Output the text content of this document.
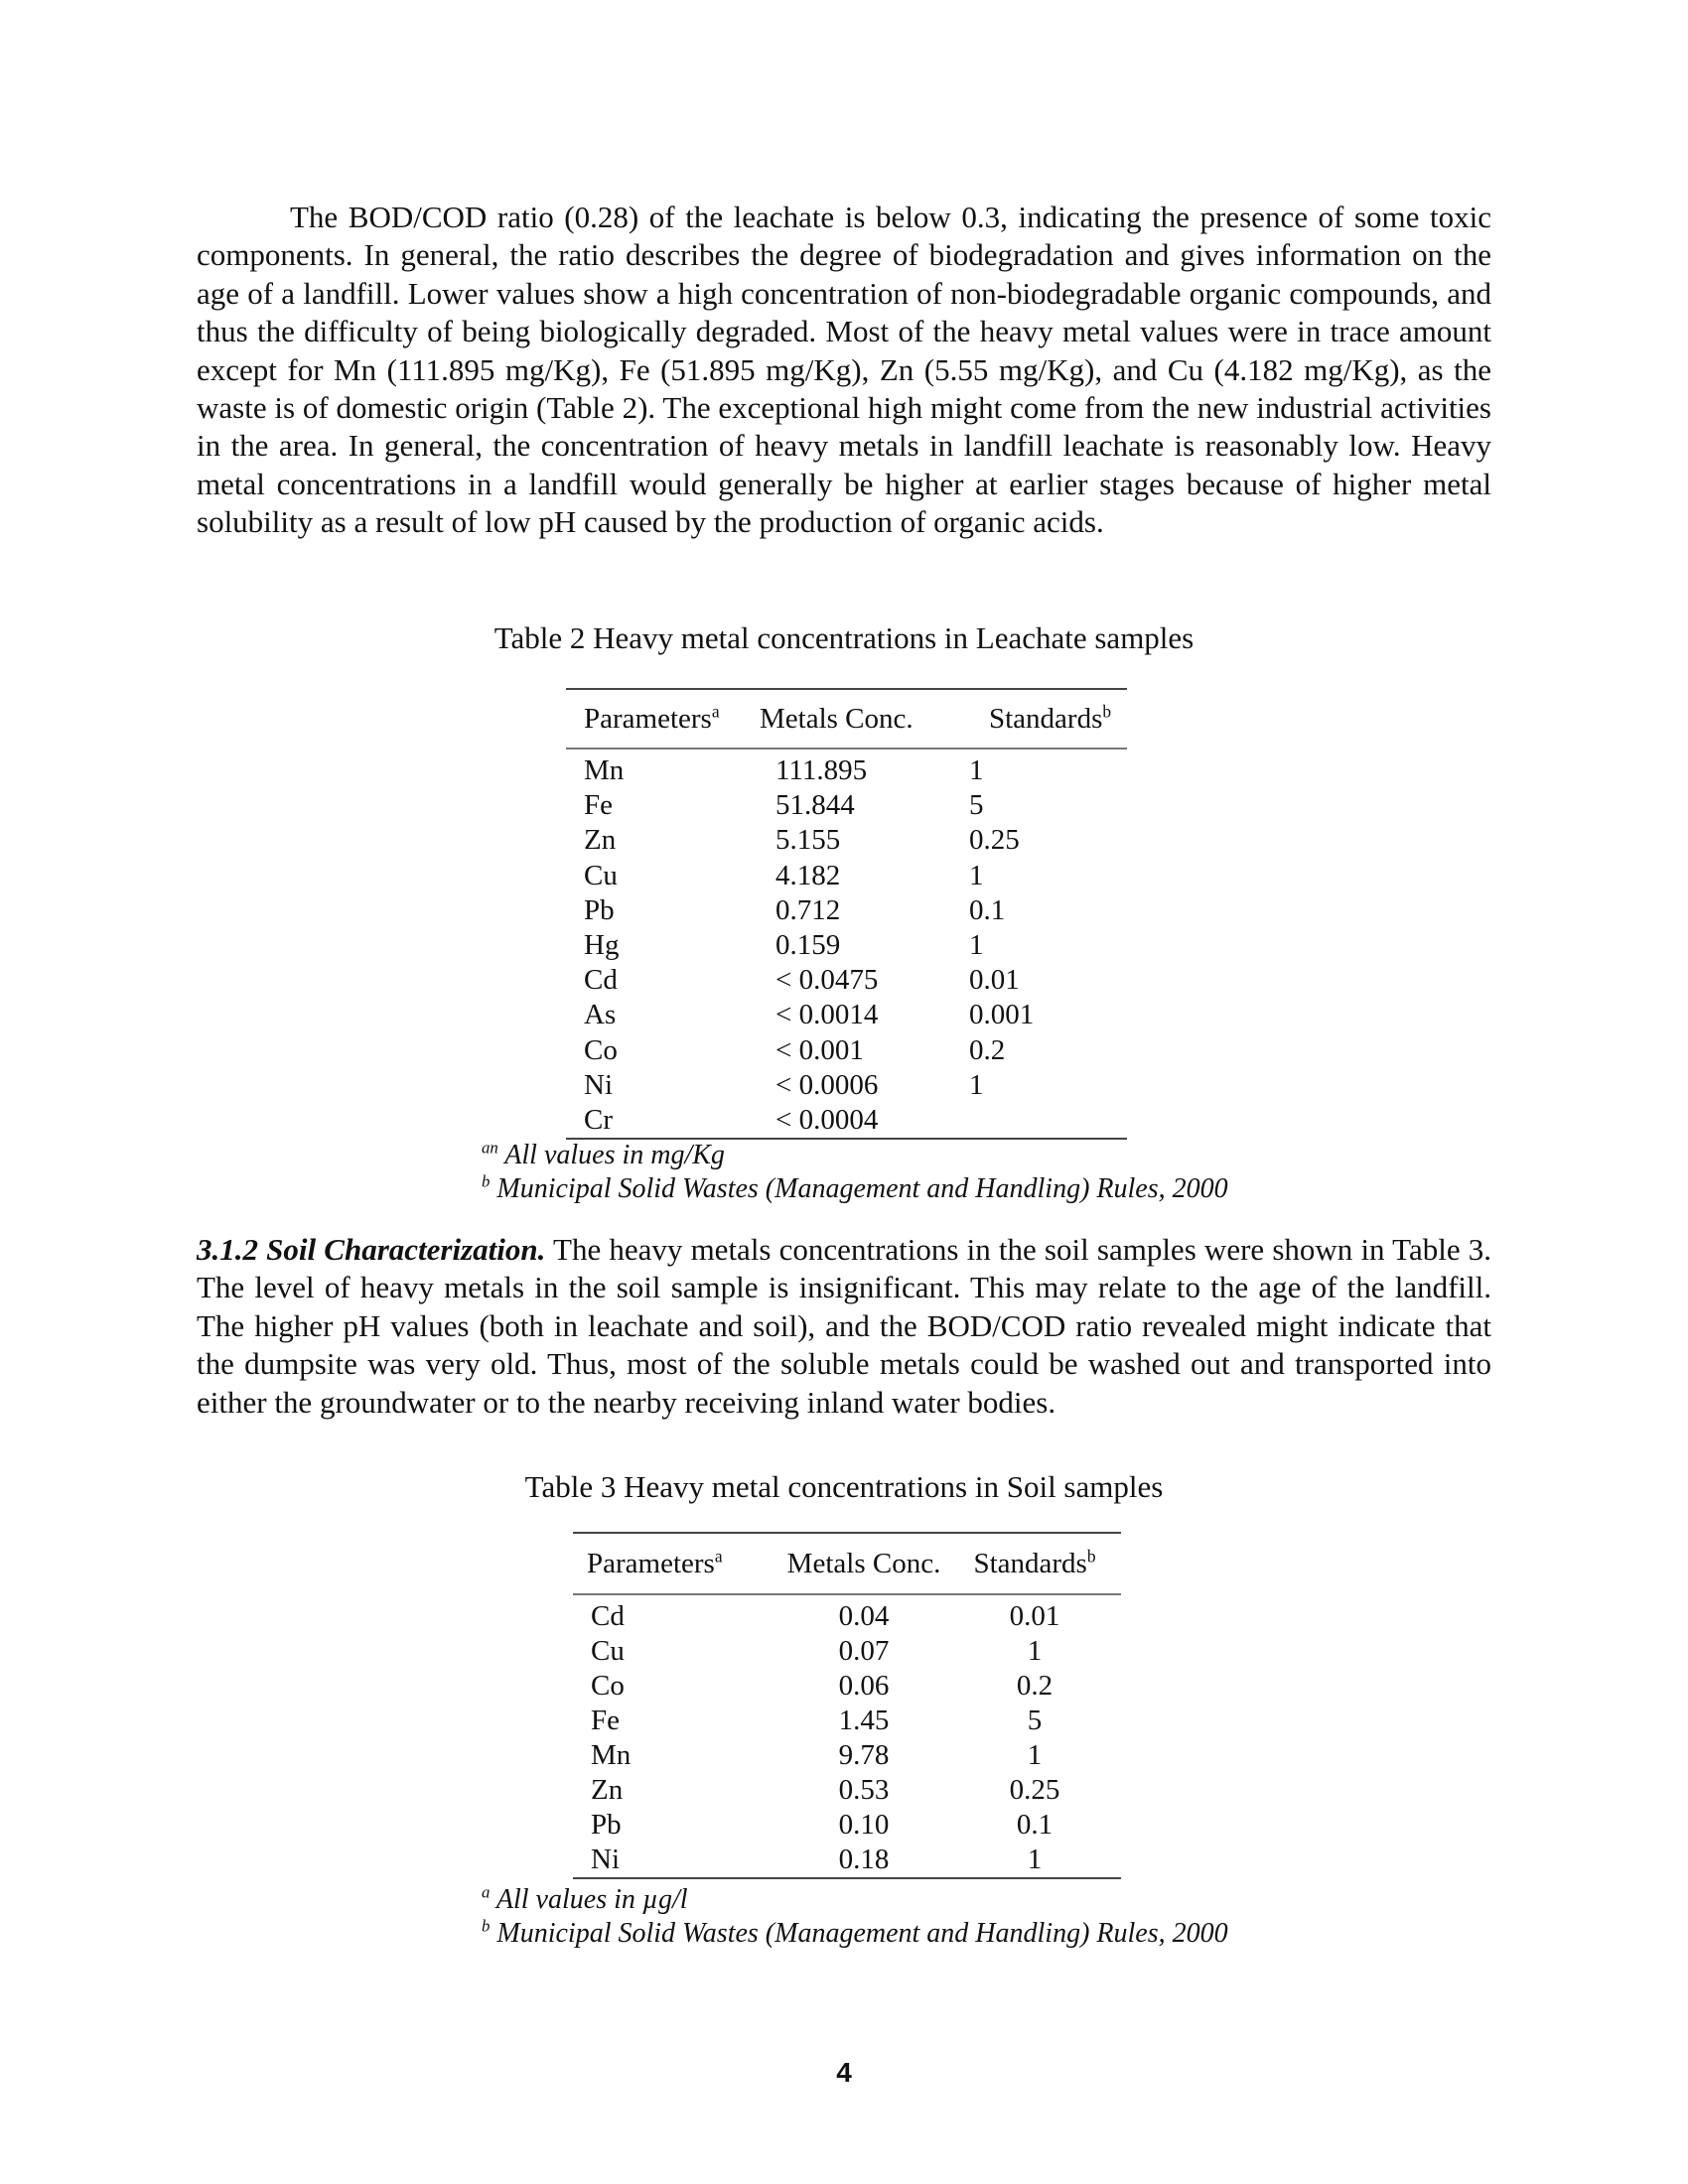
The BOD/COD ratio (0.28) of the leachate is below 0.3, indicating the presence of some toxic components. In general, the ratio describes the degree of biodegradation and gives information on the age of a landfill. Lower values show a high concentration of non-biodegradable organic compounds, and thus the difficulty of being biologically degraded. Most of the heavy metal values were in trace amount except for Mn (111.895 mg/Kg), Fe (51.895 mg/Kg), Zn (5.55 mg/Kg), and Cu (4.182 mg/Kg), as the waste is of domestic origin (Table 2). The exceptional high might come from the new industrial activities in the area. In general, the concentration of heavy metals in landfill leachate is reasonably low. Heavy metal concentrations in a landfill would generally be higher at earlier stages because of higher metal solubility as a result of low pH caused by the production of organic acids.

Table 2 Heavy metal concentrations in Leachate samples

Parameters$^a$	Metals Conc.	Standards$^b$
Mn	111.895	1
Fe	51.844	5
Zn	5.155	0.25
Cu	4.182	1
Pb	0.712	0.1
Hg	0.159	1
Cd	< 0.0475	0.01
As	< 0.0014	0.001
Co	< 0.001	0.2
Ni	< 0.0006	1
Cr	< 0.0004	

$^{an}$ All values in mg/Kg

$^b$ Municipal Solid Wastes (Management and Handling) Rules, 2000

3.1.2 Soil Characterization. The heavy metals concentrations in the soil samples were shown in Table 3. The level of heavy metals in the soil sample is insignificant. This may relate to the age of the landfill. The higher pH values (both in leachate and soil), and the BOD/COD ratio revealed might indicate that the dumpsite was very old. Thus, most of the soluble metals could be washed out and transported into either the groundwater or to the nearby receiving inland water bodies.

Table 3 Heavy metal concentrations in Soil samples

Parameters$^a$	Metals Conc.	Standards$^b$
Cd	0.04	0.01
Cu	0.07	1
Co	0.06	0.2
Fe	1.45	5
Mn	9.78	1
Zn	0.53	0.25
Pb	0.10	0.1
Ni	0.18	1

$^a$ All values in µg/l

$^b$ Municipal Solid Wastes (Management and Handling) Rules, 2000

4
